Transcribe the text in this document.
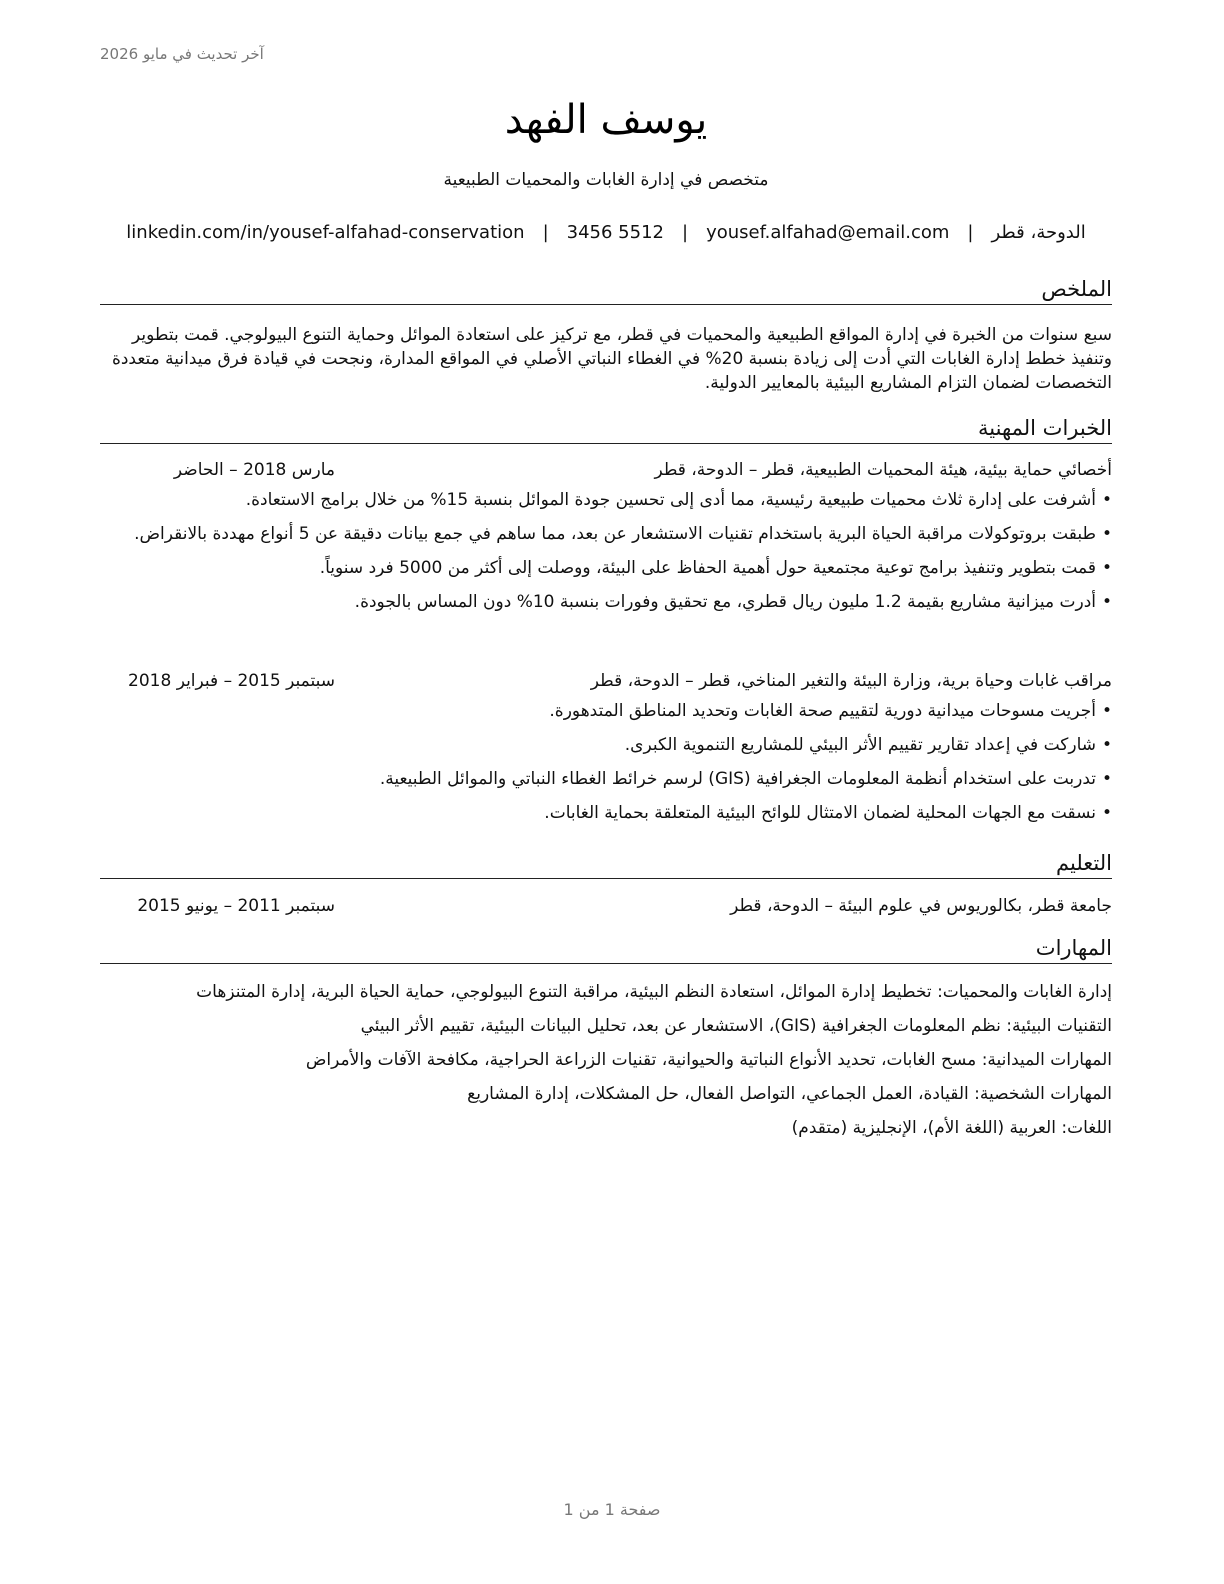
آخر تحديث في مايو 2026
يوسف الفهد
متخصص في إدارة الغابات والمحميات الطبيعية
الدوحة، قطر
|
yousef.alfahad@email.com
|
3456 5512
|
linkedin.com/in/yousef-alfahad-conservation
الملخص
سبع سنوات من الخبرة في إدارة المواقع الطبيعية والمحميات في قطر، مع تركيز على استعادة الموائل وحماية التنوع البيولوجي. قمت بتطوير وتنفيذ خطط إدارة الغابات التي أدت إلى زيادة بنسبة 20% في الغطاء النباتي الأصلي في المواقع المدارة، ونجحت في قيادة فرق ميدانية متعددة التخصصات لضمان التزام المشاريع البيئية بالمعايير الدولية.
الخبرات المهنية
أخصائي حماية بيئية، هيئة المحميات الطبيعية، قطر – الدوحة، قطر
مارس 2018 – الحاضر
• أشرفت على إدارة ثلاث محميات طبيعية رئيسية، مما أدى إلى تحسين جودة الموائل بنسبة 15% من خلال برامج الاستعادة.
• طبقت بروتوكولات مراقبة الحياة البرية باستخدام تقنيات الاستشعار عن بعد، مما ساهم في جمع بيانات دقيقة عن 5 أنواع مهددة بالانقراض.
• قمت بتطوير وتنفيذ برامج توعية مجتمعية حول أهمية الحفاظ على البيئة، ووصلت إلى أكثر من 5000 فرد سنوياً.
• أدرت ميزانية مشاريع بقيمة 1.2 مليون ريال قطري، مع تحقيق وفورات بنسبة 10% دون المساس بالجودة.
مراقب غابات وحياة برية، وزارة البيئة والتغير المناخي، قطر – الدوحة، قطر
سبتمبر 2015 – فبراير 2018
• أجريت مسوحات ميدانية دورية لتقييم صحة الغابات وتحديد المناطق المتدهورة.
• شاركت في إعداد تقارير تقييم الأثر البيئي للمشاريع التنموية الكبرى.
• تدربت على استخدام أنظمة المعلومات الجغرافية (GIS) لرسم خرائط الغطاء النباتي والموائل الطبيعية.
• نسقت مع الجهات المحلية لضمان الامتثال للوائح البيئية المتعلقة بحماية الغابات.
التعليم
جامعة قطر، بكالوريوس في علوم البيئة – الدوحة، قطر
سبتمبر 2011 – يونيو 2015
المهارات
إدارة الغابات والمحميات: تخطيط إدارة الموائل، استعادة النظم البيئية، مراقبة التنوع البيولوجي، حماية الحياة البرية، إدارة المتنزهات
التقنيات البيئية: نظم المعلومات الجغرافية (GIS)، الاستشعار عن بعد، تحليل البيانات البيئية، تقييم الأثر البيئي
المهارات الميدانية: مسح الغابات، تحديد الأنواع النباتية والحيوانية، تقنيات الزراعة الحراجية، مكافحة الآفات والأمراض
المهارات الشخصية: القيادة، العمل الجماعي، التواصل الفعال، حل المشكلات، إدارة المشاريع
اللغات: العربية (اللغة الأم)، الإنجليزية (متقدم)
صفحة 1 من 1
